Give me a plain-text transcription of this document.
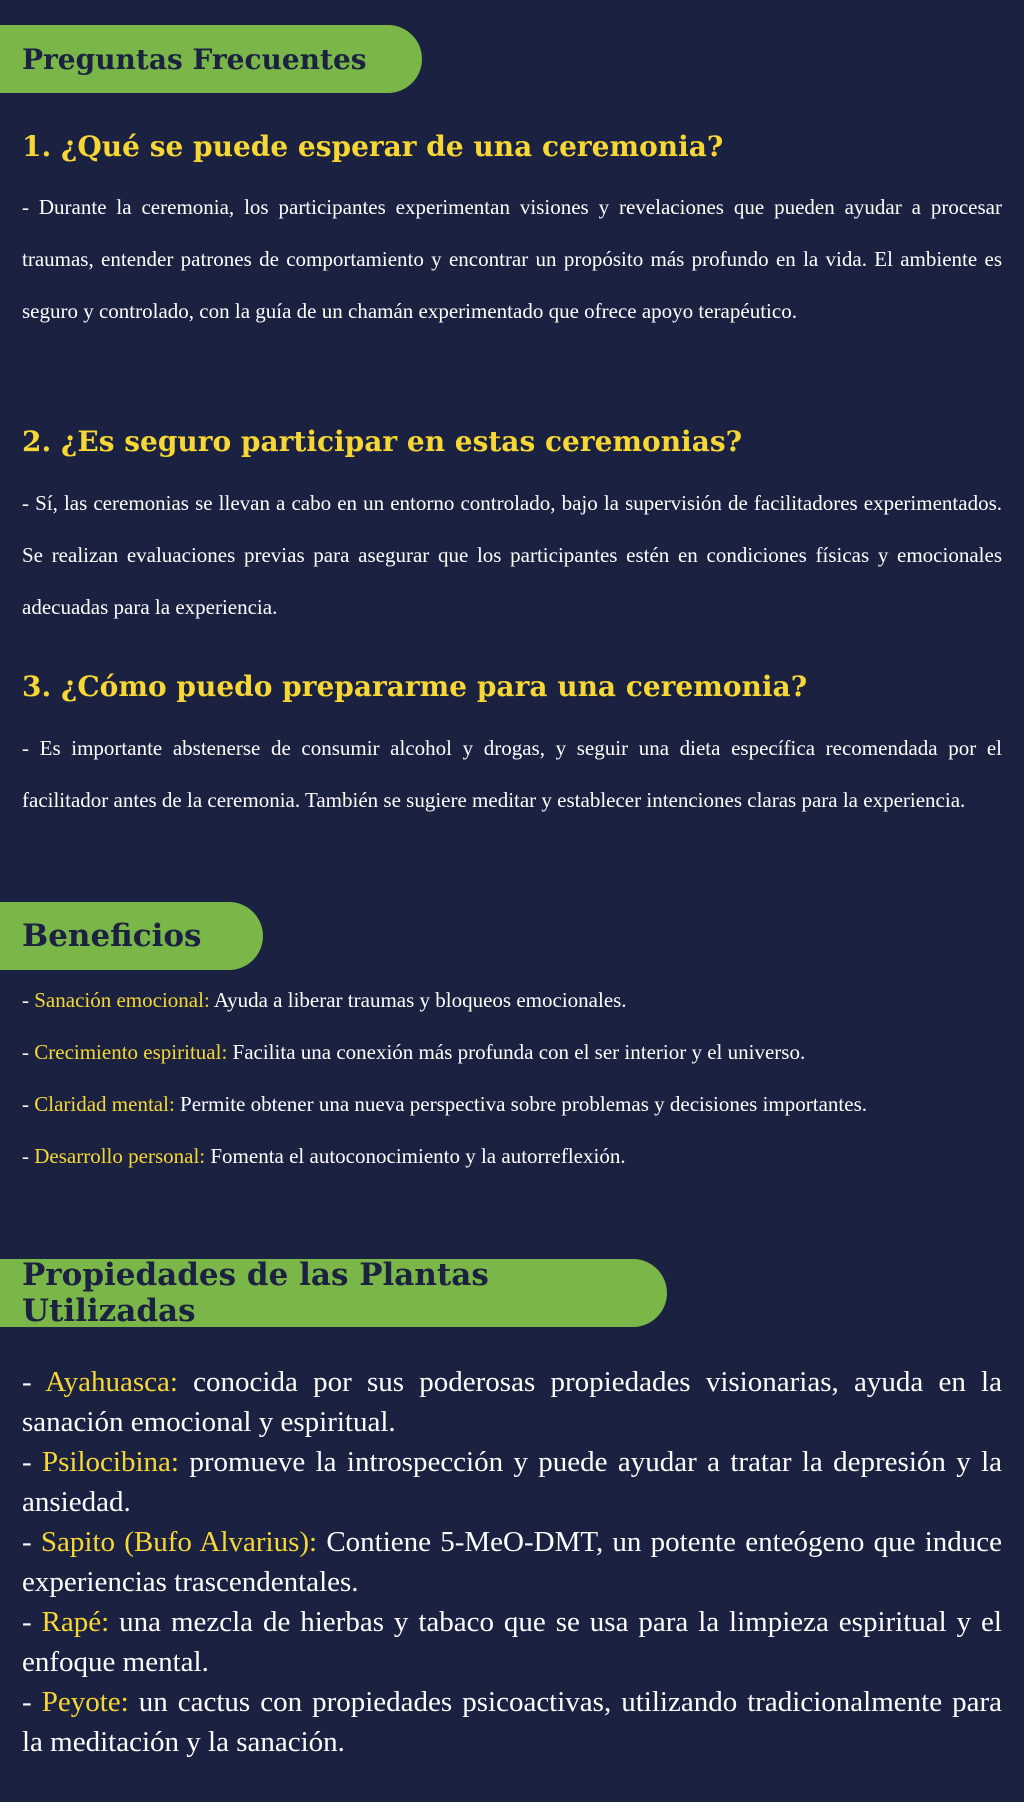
Preguntas Frecuentes
1. ¿Qué se puede esperar de una ceremonia?

- Durante la ceremonia, los participantes experimentan visiones y revelaciones que pueden ayudar a procesar traumas, entender patrones de comportamiento y encontrar un propósito más profundo en la vida. El ambiente es seguro y controlado, con la guía de un chamán experimentado que ofrece apoyo terapéutico.

2. ¿Es seguro participar en estas ceremonias?

- Sí, las ceremonias se llevan a cabo en un entorno controlado, bajo la supervisión de facilitadores experimentados. Se realizan evaluaciones previas para asegurar que los participantes estén en condiciones físicas y emocionales adecuadas para la experiencia.

3. ¿Cómo puedo prepararme para una ceremonia?

- Es importante abstenerse de consumir alcohol y drogas, y seguir una dieta específica recomendada por el facilitador antes de la ceremonia. También se sugiere meditar y establecer intenciones claras para la experiencia.

Beneficios

- Sanación emocional: Ayuda a liberar traumas y bloqueos emocionales.

- Crecimiento espiritual: Facilita una conexión más profunda con el ser interior y el universo.

- Claridad mental: Permite obtener una nueva perspectiva sobre problemas y decisiones importantes.

- Desarrollo personal: Fomenta el autoconocimiento y la autorreflexión.

Propiedades de las Plantas Utilizadas

- Ayahuasca: conocida por sus poderosas propiedades visionarias, ayuda en la sanación emocional y espiritual.

- Psilocibina: promueve la introspección y puede ayudar a tratar la depresión y la ansiedad.

- Sapito (Bufo Alvarius): Contiene 5-MeO-DMT, un potente enteógeno que induce experiencias trascendentales.

- Rapé: una mezcla de hierbas y tabaco que se usa para la limpieza espiritual y el enfoque mental.

- Peyote: un cactus con propiedades psicoactivas, utilizando tradicionalmente para la meditación y la sanación.
